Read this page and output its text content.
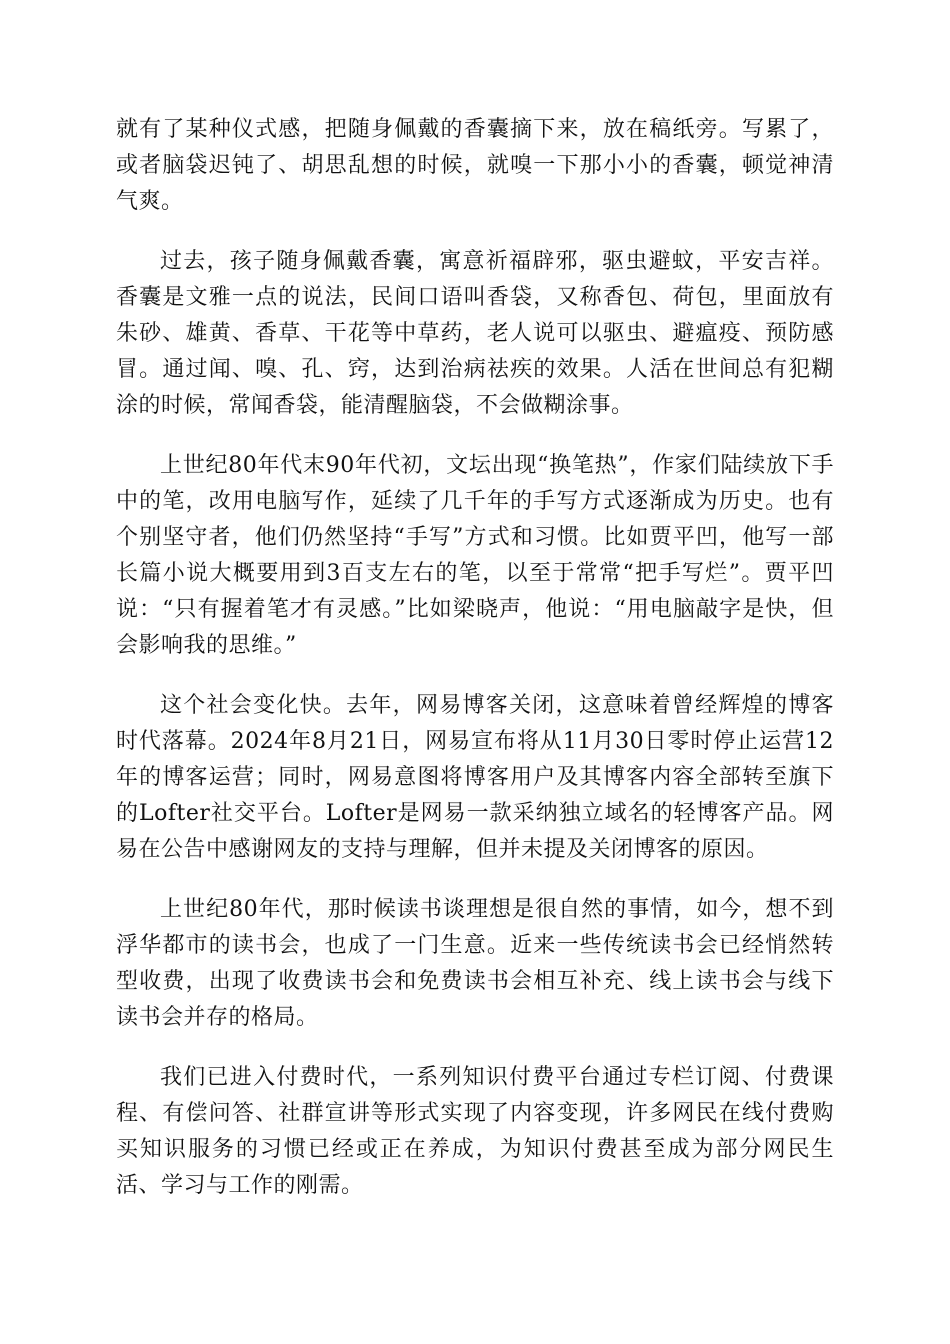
就有了某种仪式感，把随身佩戴的香囊摘下来，放在稿纸旁。写累了，或者脑袋迟钝了、胡思乱想的时候，就嗅一下那小小的香囊，顿觉神清气爽。

过去，孩子随身佩戴香囊，寓意祈福辟邪，驱虫避蚊，平安吉祥。香囊是文雅一点的说法，民间口语叫香袋，又称香包、荷包，里面放有朱砂、雄黄、香草、干花等中草药，老人说可以驱虫、避瘟疫、预防感冒。通过闻、嗅、孔、窍，达到治病祛疾的效果。人活在世间总有犯糊涂的时候，常闻香袋，能清醒脑袋，不会做糊涂事。

上世纪80年代末90年代初，文坛出现“换笔热”，作家们陆续放下手中的笔，改用电脑写作，延续了几千年的手写方式逐渐成为历史。也有个别坚守者，他们仍然坚持“手写”方式和习惯。比如贾平凹，他写一部长篇小说大概要用到3百支左右的笔，以至于常常“把手写烂”。贾平凹说：“只有握着笔才有灵感。”比如梁晓声，他说：“用电脑敲字是快，但会影响我的思维。”

这个社会变化快。去年，网易博客关闭，这意味着曾经辉煌的博客时代落幕。2024年8月21日，网易宣布将从11月30日零时停止运营12年的博客运营；同时，网易意图将博客用户及其博客内容全部转至旗下的Lofter社交平台。Lofter是网易一款采纳独立域名的轻博客产品。网易在公告中感谢网友的支持与理解，但并未提及关闭博客的原因。

上世纪80年代，那时候读书谈理想是很自然的事情，如今，想不到浮华都市的读书会，也成了一门生意。近来一些传统读书会已经悄然转型收费，出现了收费读书会和免费读书会相互补充、线上读书会与线下读书会并存的格局。

我们已进入付费时代，一系列知识付费平台通过专栏订阅、付费课程、有偿问答、社群宣讲等形式实现了内容变现，许多网民在线付费购买知识服务的习惯已经或正在养成，为知识付费甚至成为部分网民生活、学习与工作的刚需。
